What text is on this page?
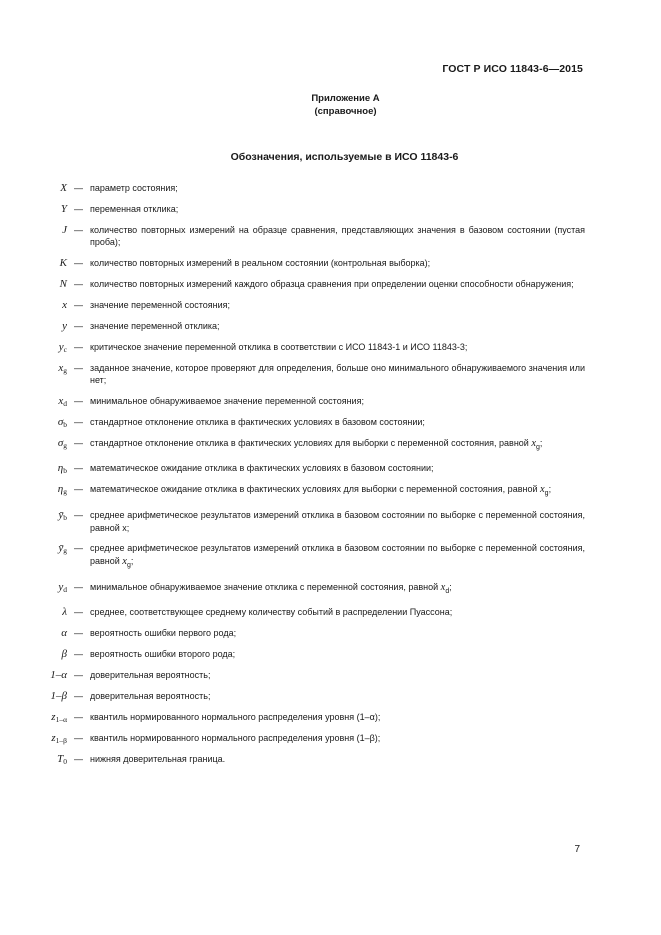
ГОСТ Р ИСО 11843-6—2015
Приложение А
(справочное)
Обозначения, используемые в ИСО 11843-6
X — параметр состояния;
Y — переменная отклика;
J — количество повторных измерений на образце сравнения, представляющих значения в базовом состоянии (пустая проба);
K — количество повторных измерений в реальном состоянии (контрольная выборка);
N — количество повторных измерений каждого образца сравнения при определении оценки способности обнаружения;
x — значение переменной состояния;
y — значение переменной отклика;
$y_c$ — критическое значение переменной отклика в соответствии с ИСО 11843-1 и ИСО 11843-3;
$x_g$ — заданное значение, которое проверяют для определения, больше оно минимального обнаруживаемого значения или нет;
$x_d$ — минимальное обнаруживаемое значение переменной состояния;
$\sigma_b$ — стандартное отклонение отклика в фактических условиях в базовом состоянии;
$\sigma_g$ — стандартное отклонение отклика в фактических условиях для выборки с переменной состояния, равной $x_g$;
$\eta_b$ — математическое ожидание отклика в фактических условиях в базовом состоянии;
$\eta_g$ — математическое ожидание отклика в фактических условиях для выборки с переменной состояния, равной $x_g$;
$ȳ_b$ — среднее арифметическое результатов измерений отклика в базовом состоянии по выборке с переменной состояния, равной x;
$ȳ_g$ — среднее арифметическое результатов измерений отклика в базовом состоянии по выборке с переменной состояния, равной $x_g$;
$y_d$ — минимальное обнаруживаемое значение отклика с переменной состояния, равной $x_d$;
λ — среднее, соответствующее среднему количеству событий в распределении Пуассона;
α — вероятность ошибки первого рода;
β — вероятность ошибки второго рода;
1–α — доверительная вероятность;
1–β — доверительная вероятность;
$z_{1-\alpha}$ — квантиль нормированного нормального распределения уровня (1–α);
$z_{1-\beta}$ — квантиль нормированного нормального распределения уровня (1–β);
$T_0$ — нижняя доверительная граница.
7
